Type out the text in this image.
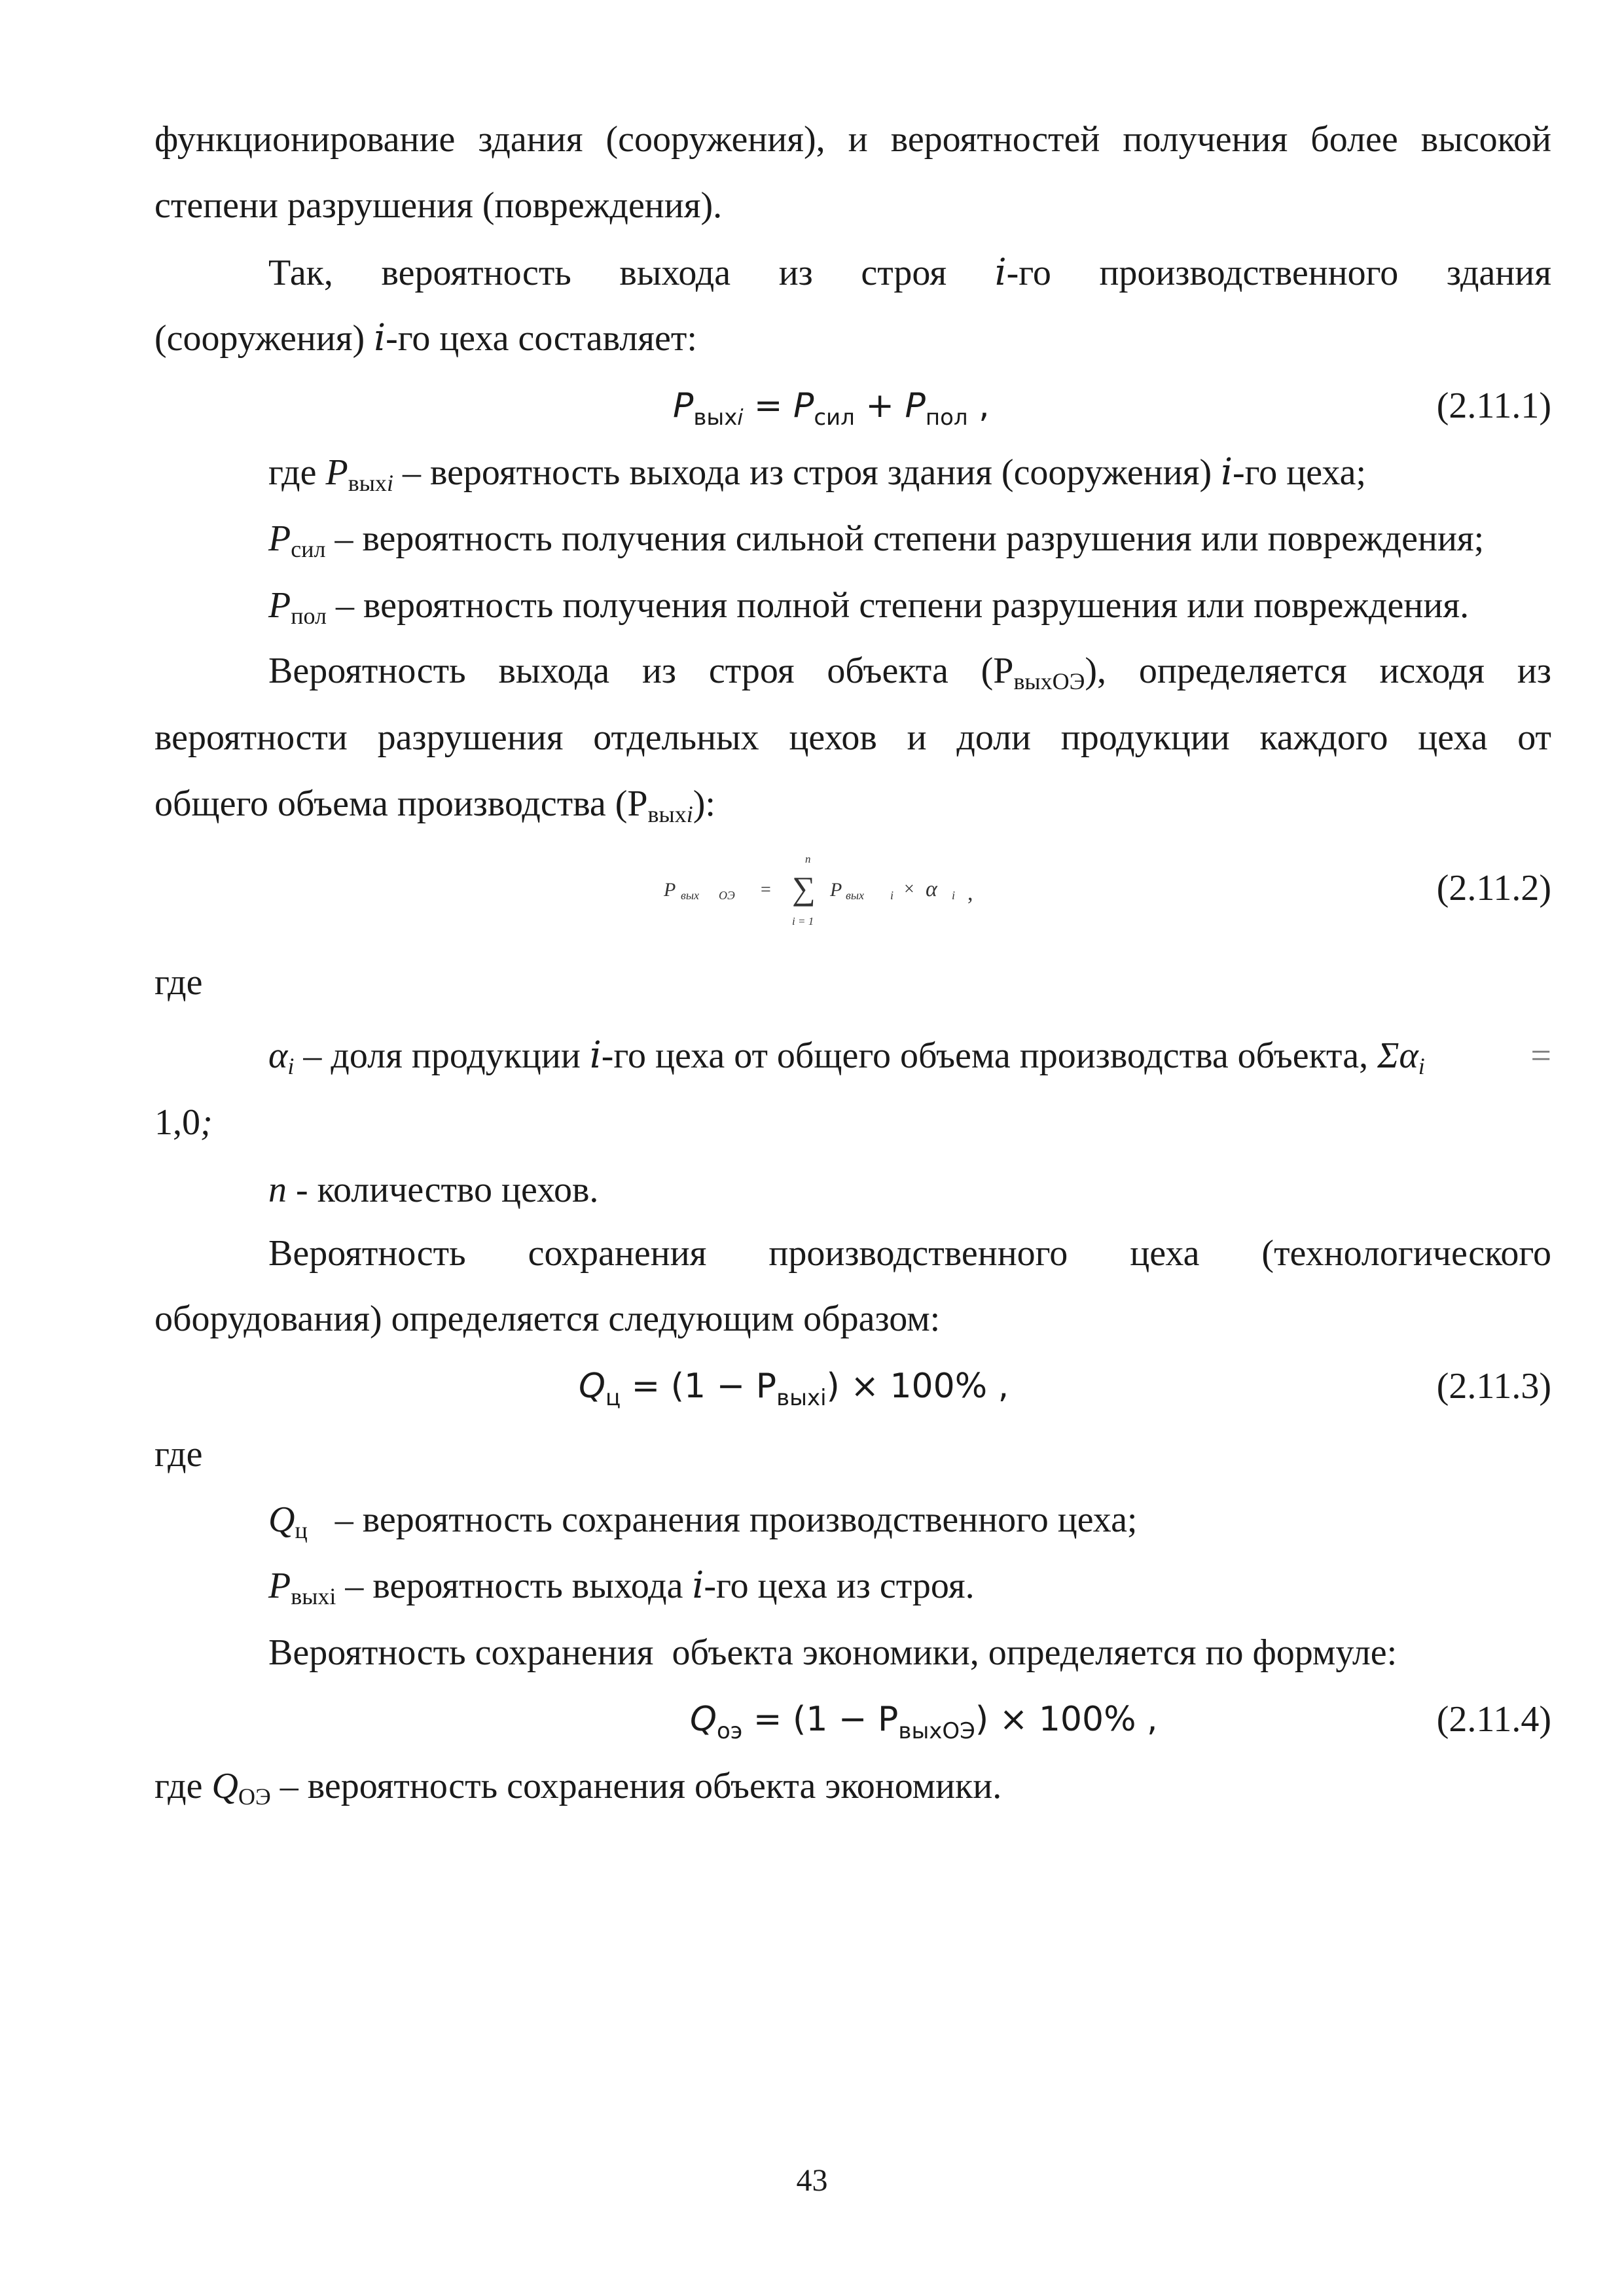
функционирование здания (сооружения), и вероятностей получения более высокой
степени разрушения (повреждения).
Так, вероятность выхода из строя i-го производственного здания
(сооружения) i-го цеха составляет:
$P_{вых𝑖} = P_{сил} + P_{пол}$ ,	(2.11.1)
где $P_{вых}i$ – вероятность выхода из строя здания (сооружения) i-го цеха;
$P_{сил}$ – вероятность получения сильной степени разрушения или повреждения;
$P_{пол}$ – вероятность получения полной степени разрушения или повреждения.
Вероятность выхода из строя объекта $(Р_{выхОЭ})$, определяется исходя из
вероятности разрушения отдельных цехов и доли продукции каждого цеха от
общего объема производства $(Р_{вых}i)$:
P вых ОЭ =
n
∑
i = 1
P вых i × α i ,	(2.11.2)
где
αi – доля продукции i-го цеха от общего объема производства объекта, Σαi	=
1,0;
n - количество цехов.
Вероятность сохранения производственного цеха (технологического
оборудования) определяется следующим образом:
$Q_ц = (1 - P_{выхi}) \times 100\%$ ,	(2.11.3)
где
$Q_ц$   – вероятность сохранения производственного цеха;
$P_{выхi}$ – вероятность выхода i-го цеха из строя.
Вероятность сохранения  объекта экономики, определяется по формуле:
$Q_{оэ} = (1 - P_{выхОЭ}) \times 100\%$ ,	(2.11.4)
где $Q_{ОЭ}$ – вероятность сохранения объекта экономики.
43
